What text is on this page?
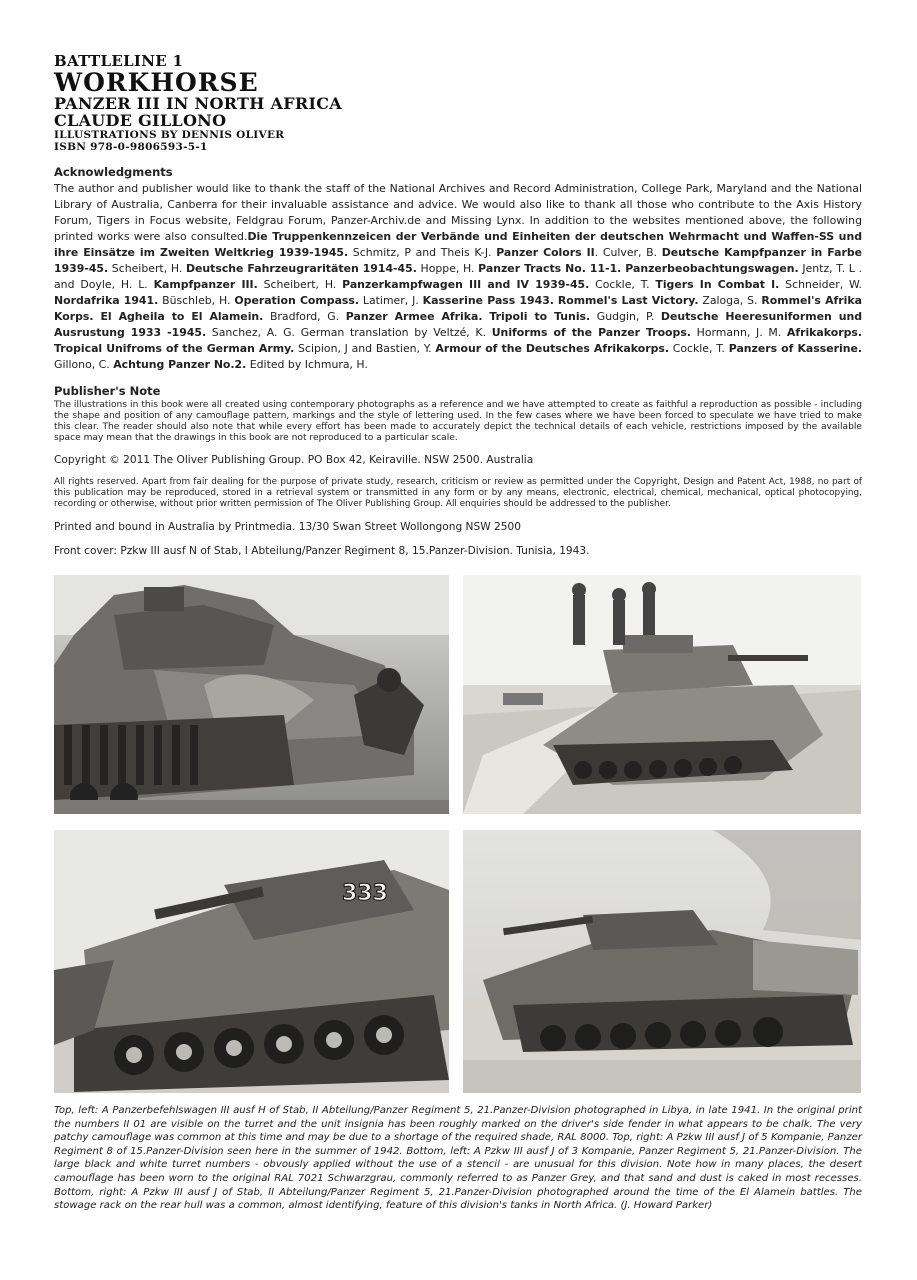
BATTLELINE 1
WORKHORSE
PANZER III IN NORTH AFRICA
CLAUDE GILLONO
ILLUSTRATIONS BY DENNIS OLIVER
ISBN 978-0-9806593-5-1
Acknowledgments

The author and publisher would like to thank the staff of the National Archives and Record Administration, College Park, Maryland and the National Library of Australia, Canberra for their invaluable assistance and advice. We would also like to thank all those who contribute to the Axis History Forum, Tigers in Focus website, Feldgrau Forum, Panzer-Archiv.de and Missing Lynx. In addition to the websites mentioned above, the following printed works were also consulted.Die Truppenkennzeicen der Verbände und Einheiten der deutschen Wehrmacht und Waffen-SS und ihre Einsätze im Zweiten Weltkrieg 1939-1945. Schmitz, P and Theis K-J. Panzer Colors II. Culver, B. Deutsche Kampfpanzer in Farbe 1939-45. Scheibert, H. Deutsche Fahrzeugraritäten 1914-45. Hoppe, H. Panzer Tracts No. 11-1. Panzerbeobachtungswagen. Jentz, T. L . and Doyle, H. L. Kampfpanzer III. Scheibert, H. Panzerkampfwagen III and IV 1939-45. Cockle, T. Tigers In Combat I. Schneider, W. Nordafrika 1941. Büschleb, H. Operation Compass. Latimer, J. Kasserine Pass 1943. Rommel's Last Victory. Zaloga, S. Rommel's Afrika Korps. El Agheila to El Alamein. Bradford, G. Panzer Armee Afrika. Tripoli to Tunis. Gudgin, P. Deutsche Heeresuniformen und Ausrustung 1933 -1945. Sanchez, A. G. German translation by Veltzé, K. Uniforms of the Panzer Troops. Hormann, J. M. Afrikakorps. Tropical Unifroms of the German Army. Scipion, J and Bastien, Y. Armour of the Deutsches Afrikakorps. Cockle, T. Panzers of Kasserine. Gillono, C. Achtung Panzer No.2. Edited by Ichmura, H.

Publisher's Note

The illustrations in this book were all created using contemporary photographs as a reference and we have attempted to create as faithful a reproduction as possible - including the shape and position of any camouflage pattern, markings and the style of lettering used. In the few cases where we have been forced to speculate we have tried to make this clear. The reader should also note that while every effort has been made to accurately depict the technical details of each vehicle, restrictions imposed by the available space may mean that the drawings in this book are not reproduced to a particular scale.

Copyright © 2011 The Oliver Publishing Group. PO Box 42, Keiraville. NSW 2500. Australia
All rights reserved. Apart from fair dealing for the purpose of private study, research, criticism or review as permitted under the Copyright, Design and Patent Act, 1988, no part of this publication may be reproduced, stored in a retrieval system or transmitted in any form or by any means, electronic, electrical, chemical, mechanical, optical photocopying, recording or otherwise, without prior written permission of The Oliver Publishing Group. All enquiries should be addressed to the publisher.
Printed and bound in Australia by Printmedia. 13/30 Swan Street Wollongong NSW 2500
Front cover: Pzkw III ausf N of Stab, I Abteilung/Panzer Regiment 8, 15.Panzer-Division. Tunisia, 1943.
333
Top, left: A Panzerbefehlswagen III ausf H of Stab, II Abteilung/Panzer Regiment 5, 21.Panzer-Division photographed in Libya, in late 1941. In the original print the numbers II 01 are visible on the turret and the unit insignia has been roughly marked on the driver's side fender in what appears to be chalk. The very patchy camouflage was common at this time and may be due to a shortage of the required shade, RAL 8000. Top, right: A Pzkw III ausf J of 5 Kompanie, Panzer Regiment 8 of 15.Panzer-Division seen here in the summer of 1942. Bottom, left: A Pzkw III ausf J of 3 Kompanie, Panzer Regiment 5, 21.Panzer-Division. The large black and white turret numbers - obvously applied without the use of a stencil - are unusual for this division. Note how in many places, the desert camouflage has been worn to the original RAL 7021 Schwarzgrau, commonly referred to as Panzer Grey, and that sand and dust is caked in most recesses. Bottom, right: A Pzkw III ausf J of Stab, II Abteilung/Panzer Regiment 5, 21.Panzer-Division photographed around the time of the El Alamein battles. The stowage rack on the rear hull was a common, almost identifying, feature of this division's tanks in North Africa. (J. Howard Parker)
